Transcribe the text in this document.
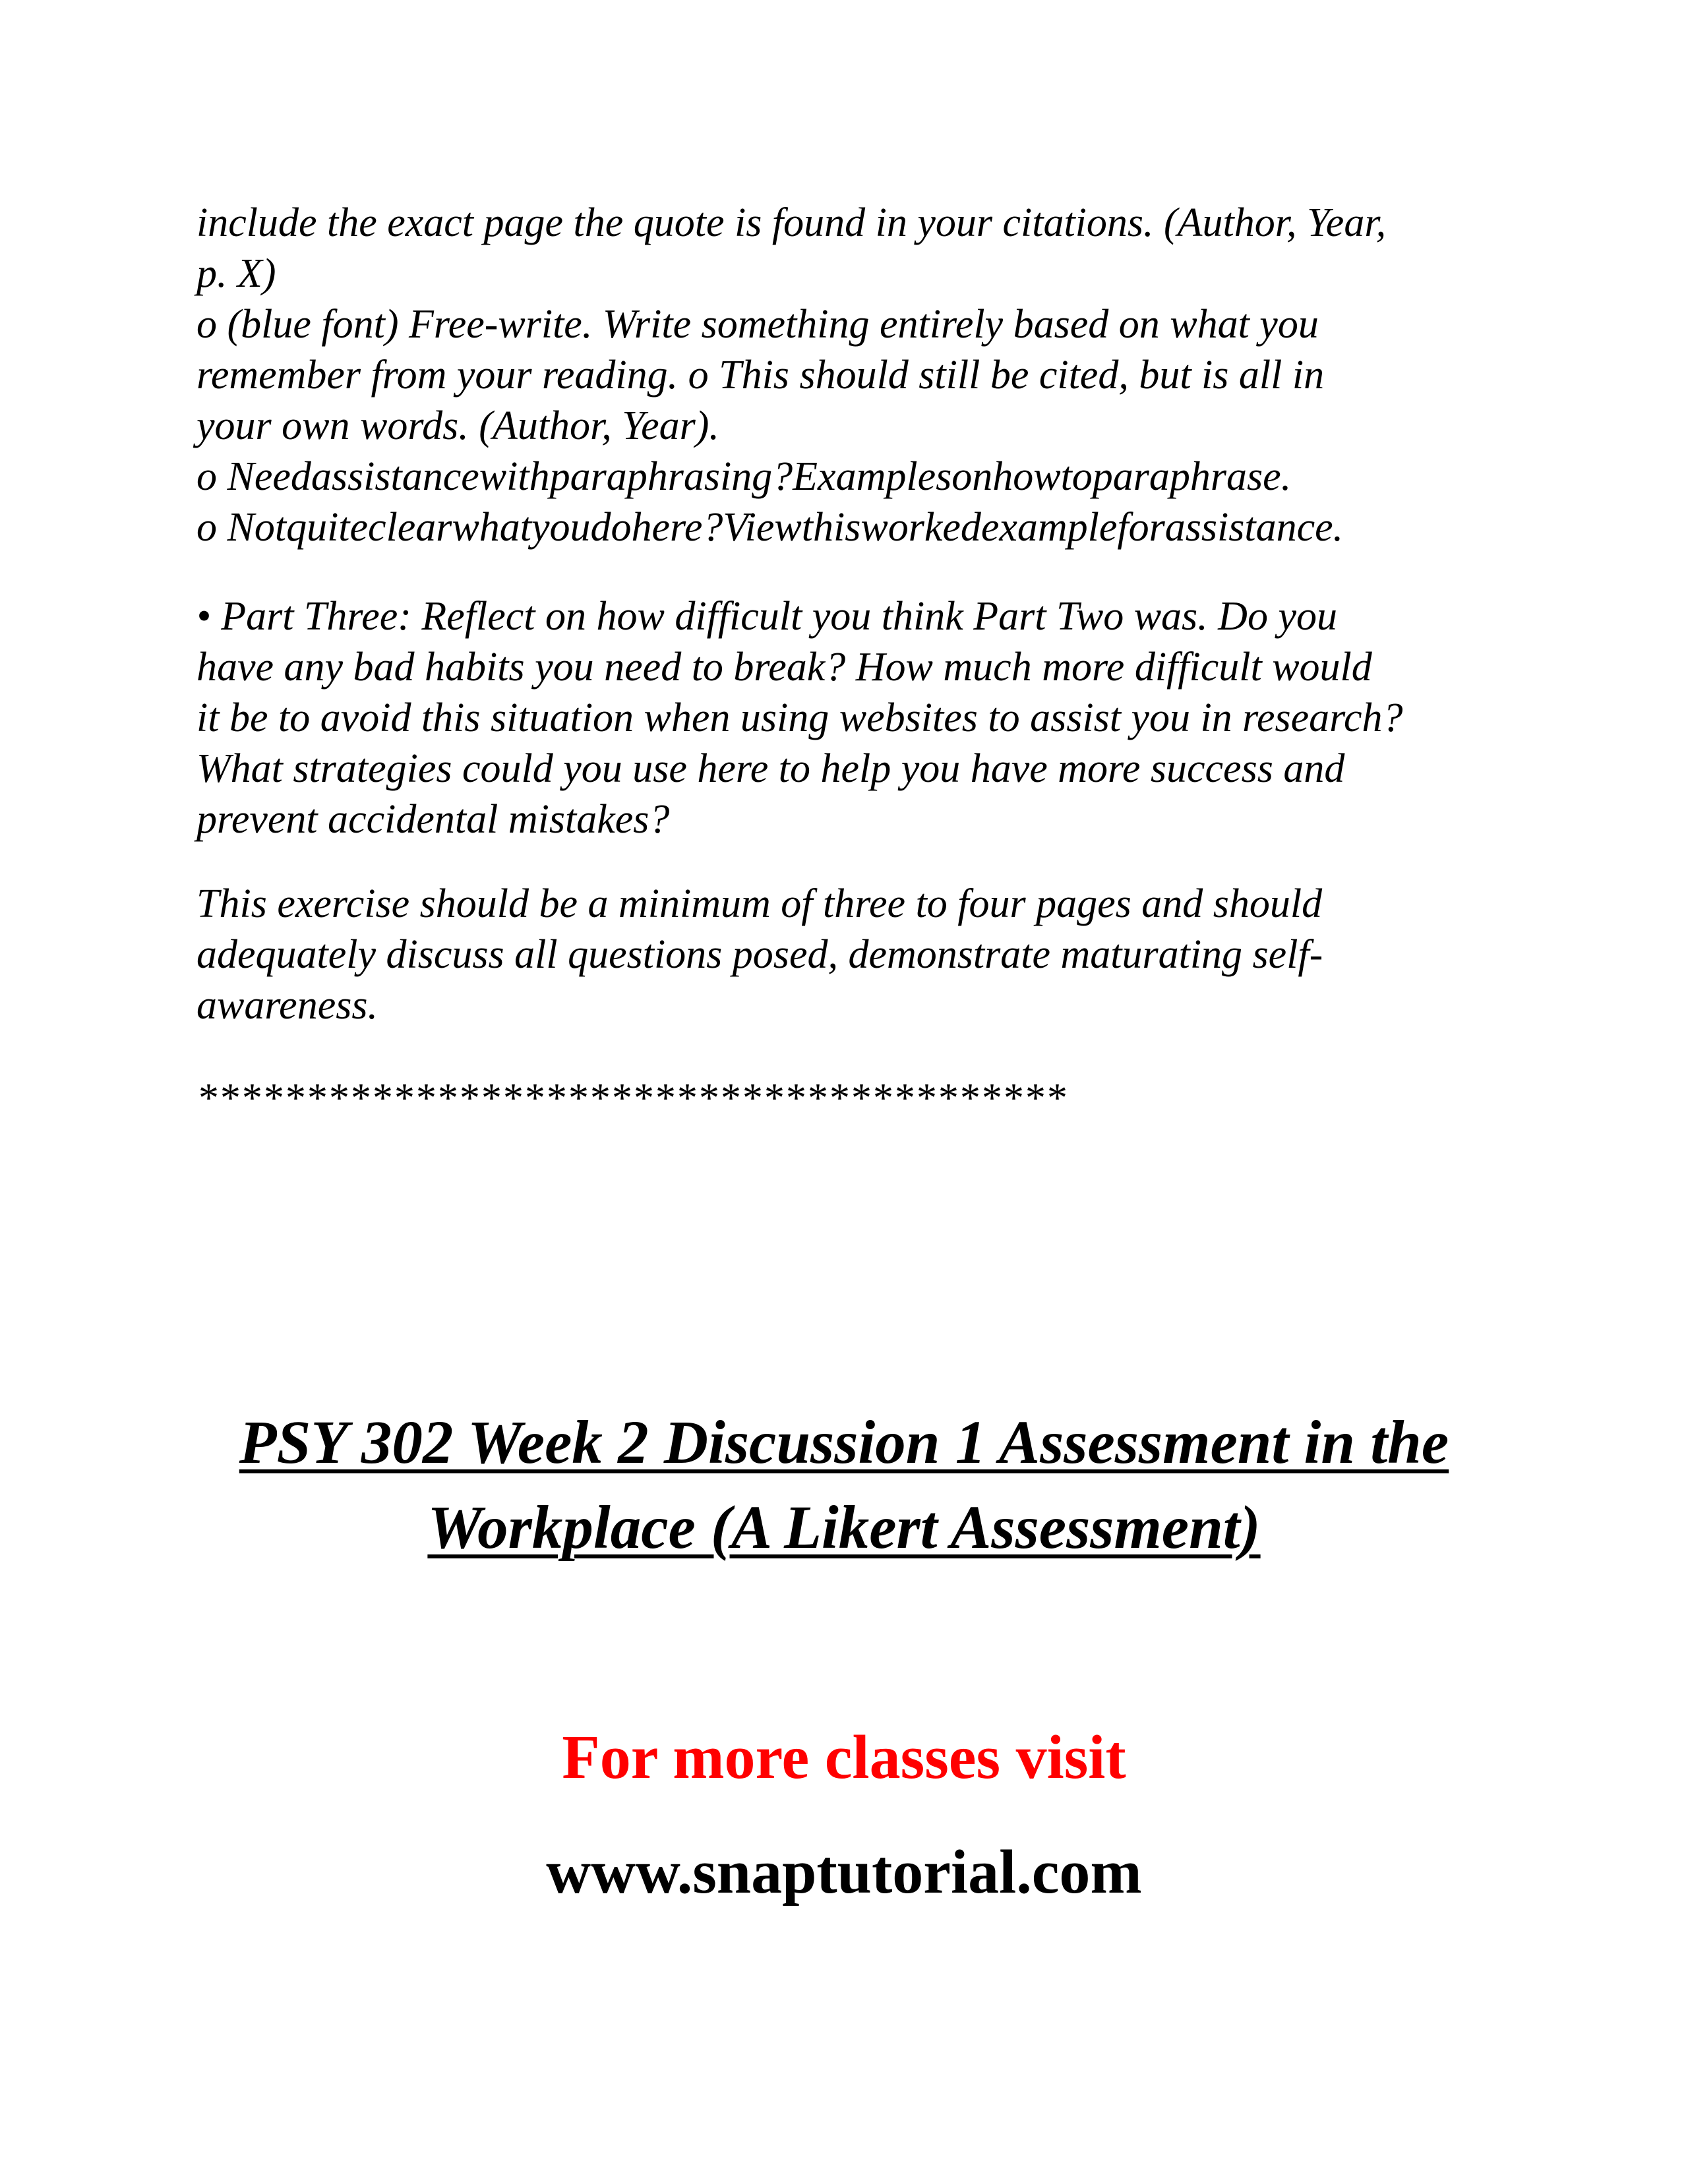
include the exact page the quote is found in your citations. (Author, Year,
p. X)
o (blue font) Free-write. Write something entirely based on what you
remember from your reading. o This should still be cited, but is all in
your own words. (Author, Year).
o Needassistancewithparaphrasing?Examplesonhowtoparaphrase.
o Notquiteclearwhatyoudohere?Viewthisworkedexampleforassistance.
• Part Three: Reflect on how difficult you think Part Two was. Do you
have any bad habits you need to break? How much more difficult would
it be to avoid this situation when using websites to assist you in research?
What strategies could you use here to help you have more success and
prevent accidental mistakes?
This exercise should be a minimum of three to four pages and should
adequately discuss all questions posed, demonstrate maturating self-
awareness.
****************************************
PSY 302 Week 2 Discussion 1 Assessment in the
Workplace (A Likert Assessment)
For more classes visit
www.snaptutorial.com
